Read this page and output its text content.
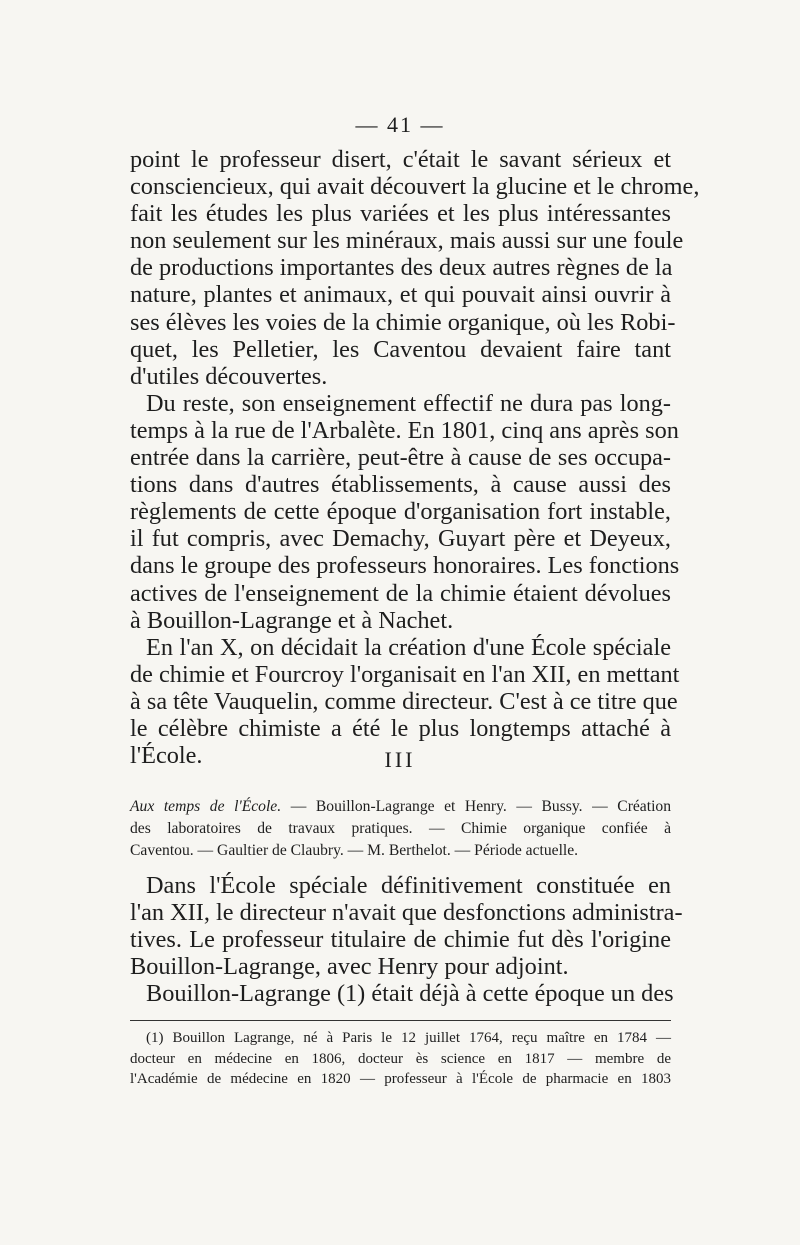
— 41 —

point le professeur disert, c'était le savant sérieux et
consciencieux, qui avait découvert la glucine et le chrome,
fait les études les plus variées et les plus intéressantes
non seulement sur les minéraux, mais aussi sur une foule
de productions importantes des deux autres règnes de la
nature, plantes et animaux, et qui pouvait ainsi ouvrir à
ses élèves les voies de la chimie organique, où les Robi-
quet, les Pelletier, les Caventou devaient faire tant
d'utiles découvertes.

Du reste, son enseignement effectif ne dura pas long-
temps à la rue de l'Arbalète. En 1801, cinq ans après son
entrée dans la carrière, peut-être à cause de ses occupa-
tions dans d'autres établissements, à cause aussi des
règlements de cette époque d'organisation fort instable,
il fut compris, avec Demachy, Guyart père et Deyeux,
dans le groupe des professeurs honoraires. Les fonctions
actives de l'enseignement de la chimie étaient dévolues
à Bouillon-Lagrange et à Nachet.

En l'an X, on décidait la création d'une École spéciale
de chimie et Fourcroy l'organisait en l'an XII, en mettant
à sa tête Vauquelin, comme directeur. C'est à ce titre que
le célèbre chimiste a été le plus longtemps attaché à
l'École.	III
Aux temps de l'École. — Bouillon-Lagrange et Henry. — Bussy. — Création
des laboratoires de travaux pratiques. — Chimie organique confiée à
Caventou. — Gaultier de Claubry. — M. Berthelot. — Période actuelle.

Dans l'École spéciale définitivement constituée en
l'an XII, le directeur n'avait que desfonctions administra-
tives. Le professeur titulaire de chimie fut dès l'origine
Bouillon-Lagrange, avec Henry pour adjoint.

Bouillon-Lagrange (1) était déjà à cette époque un des

(1) Bouillon Lagrange, né à Paris le 12 juillet 1764, reçu maître en 1784 —
docteur en médecine en 1806, docteur ès science en 1817 — membre de
l'Académie de médecine en 1820 — professeur à l'École de pharmacie en 1803
